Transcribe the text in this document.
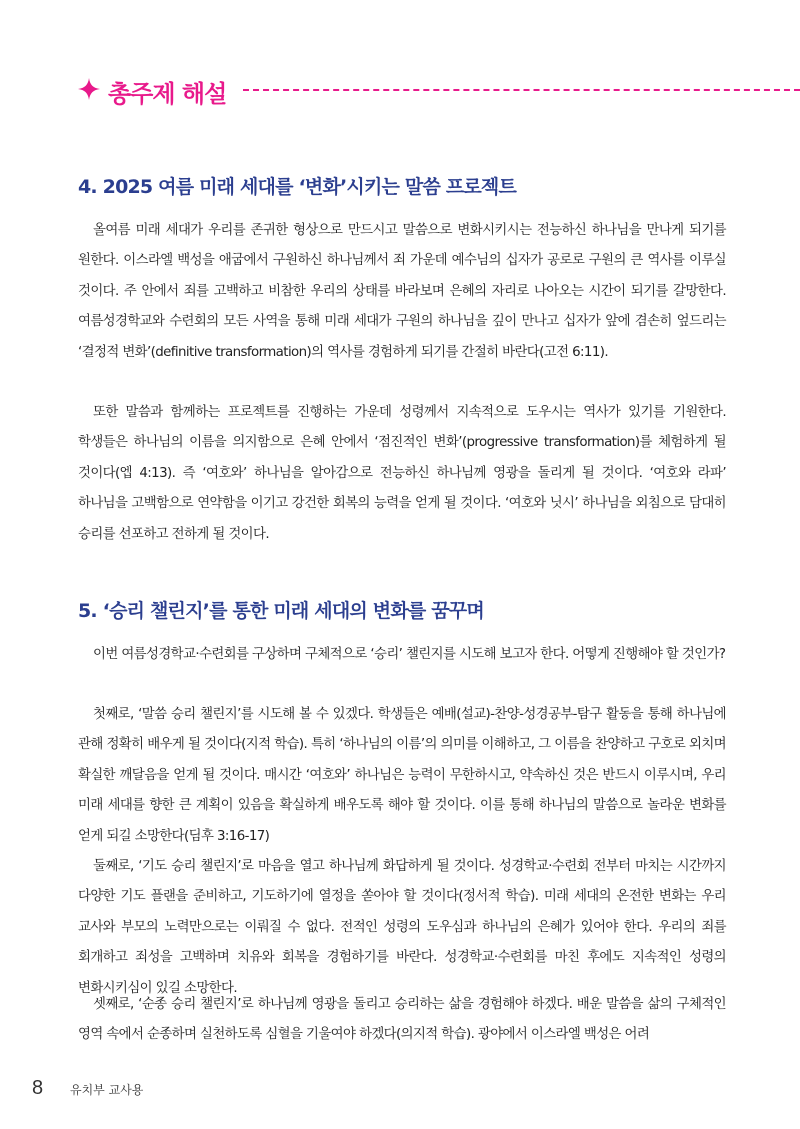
총주제 해설
4. 2025 여름 미래 세대를 ‘변화’시키는 말씀 프로젝트

올여름 미래 세대가 우리를 존귀한 형상으로 만드시고 말씀으로 변화시키시는 전능하신 하나님을 만나게 되기를 원한다. 이스라엘 백성을 애굽에서 구원하신 하나님께서 죄 가운데 예수님의 십자가 공로로 구원의 큰 역사를 이루실 것이다. 주 안에서 죄를 고백하고 비참한 우리의 상태를 바라보며 은혜의 자리로 나아오는 시간이 되기를 갈망한다. 여름성경학교와 수련회의 모든 사역을 통해 미래 세대가 구원의 하나님을 깊이 만나고 십자가 앞에 겸손히 엎드리는 ‘결정적 변화’(definitive transformation)의 역사를 경험하게 되기를 간절히 바란다(고전 6:11).

또한 말씀과 함께하는 프로젝트를 진행하는 가운데 성령께서 지속적으로 도우시는 역사가 있기를 기원한다. 학생들은 하나님의 이름을 의지함으로 은혜 안에서 ‘점진적인 변화’(progressive transformation)를 체험하게 될 것이다(엡 4:13). 즉 ‘여호와’ 하나님을 알아감으로 전능하신 하나님께 영광을 돌리게 될 것이다. ‘여호와 라파’ 하나님을 고백함으로 연약함을 이기고 강건한 회복의 능력을 얻게 될 것이다. ‘여호와 닛시’ 하나님을 외침으로 담대히 승리를 선포하고 전하게 될 것이다.

5. ‘승리 챌린지’를 통한 미래 세대의 변화를 꿈꾸며

이번 여름성경학교·수련회를 구상하며 구체적으로 ‘승리’ 챌린지를 시도해 보고자 한다. 어떻게 진행해야 할 것인가?

첫째로, ‘말씀 승리 챌린지’를 시도해 볼 수 있겠다. 학생들은 예배(설교)-찬양-성경공부-탐구 활동을 통해 하나님에 관해 정확히 배우게 될 것이다(지적 학습). 특히 ‘하나님의 이름’의 의미를 이해하고, 그 이름을 찬양하고 구호로 외치며 확실한 깨달음을 얻게 될 것이다. 매시간 ‘여호와’ 하나님은 능력이 무한하시고, 약속하신 것은 반드시 이루시며, 우리 미래 세대를 향한 큰 계획이 있음을 확실하게 배우도록 해야 할 것이다. 이를 통해 하나님의 말씀으로 놀라운 변화를 얻게 되길 소망한다(딤후 3:16-17)

둘째로, ‘기도 승리 챌린지’로 마음을 열고 하나님께 화답하게 될 것이다. 성경학교·수련회 전부터 마치는 시간까지 다양한 기도 플랜을 준비하고, 기도하기에 열정을 쏟아야 할 것이다(정서적 학습). 미래 세대의 온전한 변화는 우리 교사와 부모의 노력만으로는 이뤄질 수 없다. 전적인 성령의 도우심과 하나님의 은혜가 있어야 한다. 우리의 죄를 회개하고 죄성을 고백하며 치유와 회복을 경험하기를 바란다. 성경학교·수련회를 마친 후에도 지속적인 성령의 변화시키심이 있길 소망한다.

셋째로, ‘순종 승리 챌린지’로 하나님께 영광을 돌리고 승리하는 삶을 경험해야 하겠다. 배운 말씀을 삶의 구체적인 영역 속에서 순종하며 실천하도록 심혈을 기울여야 하겠다(의지적 학습). 광야에서 이스라엘 백성은 어려

8 유치부 교사용
